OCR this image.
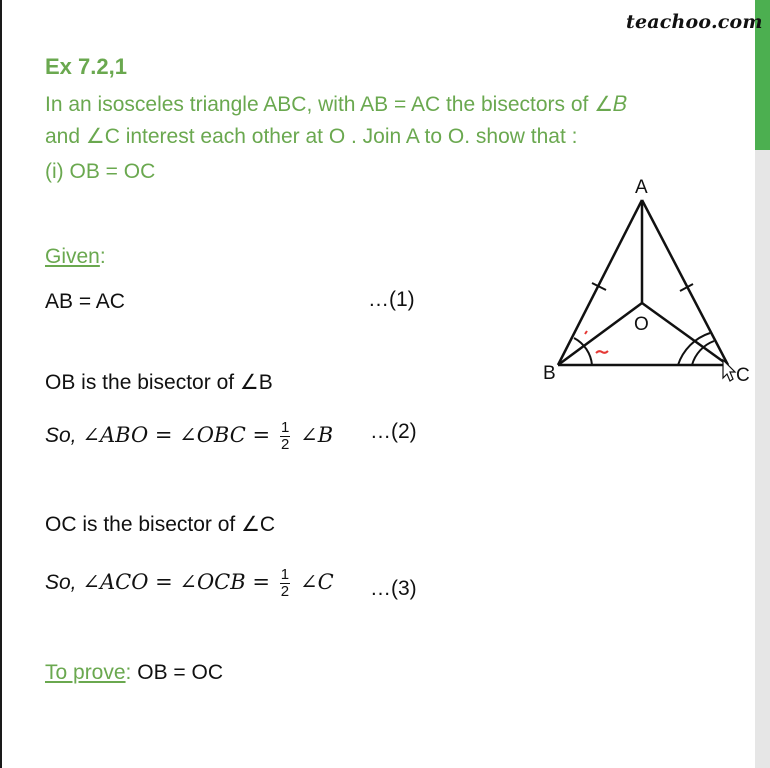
teachoo.com
Ex 7.2,1
In an isosceles triangle ABC, with AB = AC the bisectors of ∠𝐵
and ∠C interest each other at O . Join A to O. show that :
(i) OB = OC
Given:
AB = AC	…(1)
OB is the bisector of ∠B
So, ∠ABO = ∠OBC = $\frac{1}{2}$ ∠B …(2)
OC is the bisector of ∠C
So, ∠ACO = ∠OCB = $\frac{1}{2}$ ∠C …(3)
To prove: OB = OC
A
B	C
O
